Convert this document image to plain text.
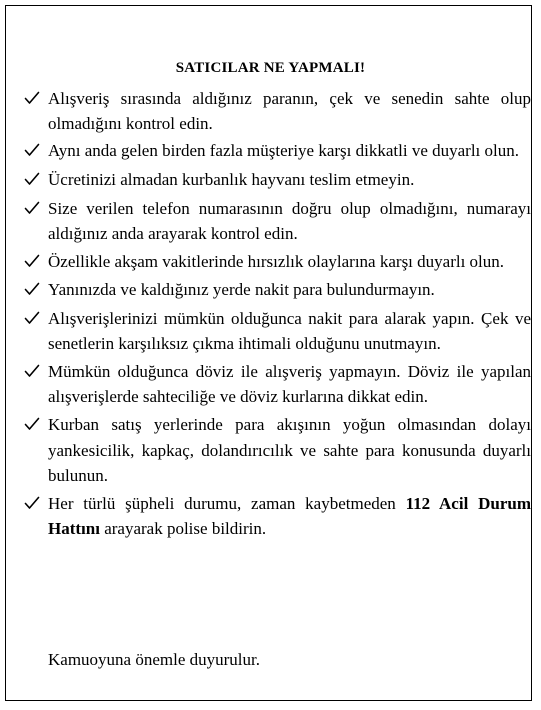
SATICILAR NE YAPMALI!
Alışveriş sırasında aldığınız paranın, çek ve senedin sahte olup olmadığını kontrol edin.
Aynı anda gelen birden fazla müşteriye karşı dikkatli ve duyarlı olun.
Ücretinizi almadan kurbanlık hayvanı teslim etmeyin.
Size verilen telefon numarasının doğru olup olmadığını, numarayı aldığınız anda arayarak kontrol edin.
Özellikle akşam vakitlerinde hırsızlık olaylarına karşı duyarlı olun.
Yanınızda ve kaldığınız yerde nakit para bulundurmayın.
Alışverişlerinizi mümkün olduğunca nakit para alarak yapın. Çek ve senetlerin karşılıksız çıkma ihtimali olduğunu unutmayın.
Mümkün olduğunca döviz ile alışveriş yapmayın. Döviz ile yapılan alışverişlerde sahteciliğe ve döviz kurlarına dikkat edin.
Kurban satış yerlerinde para akışının yoğun olmasından dolayı yankesicilik, kapkaç, dolandırıcılık ve sahte para konusunda duyarlı bulunun.
Her türlü şüpheli durumu, zaman kaybetmeden 112 Acil Durum Hattını arayarak polise bildirin.
Kamuoyuna önemle duyurulur.
